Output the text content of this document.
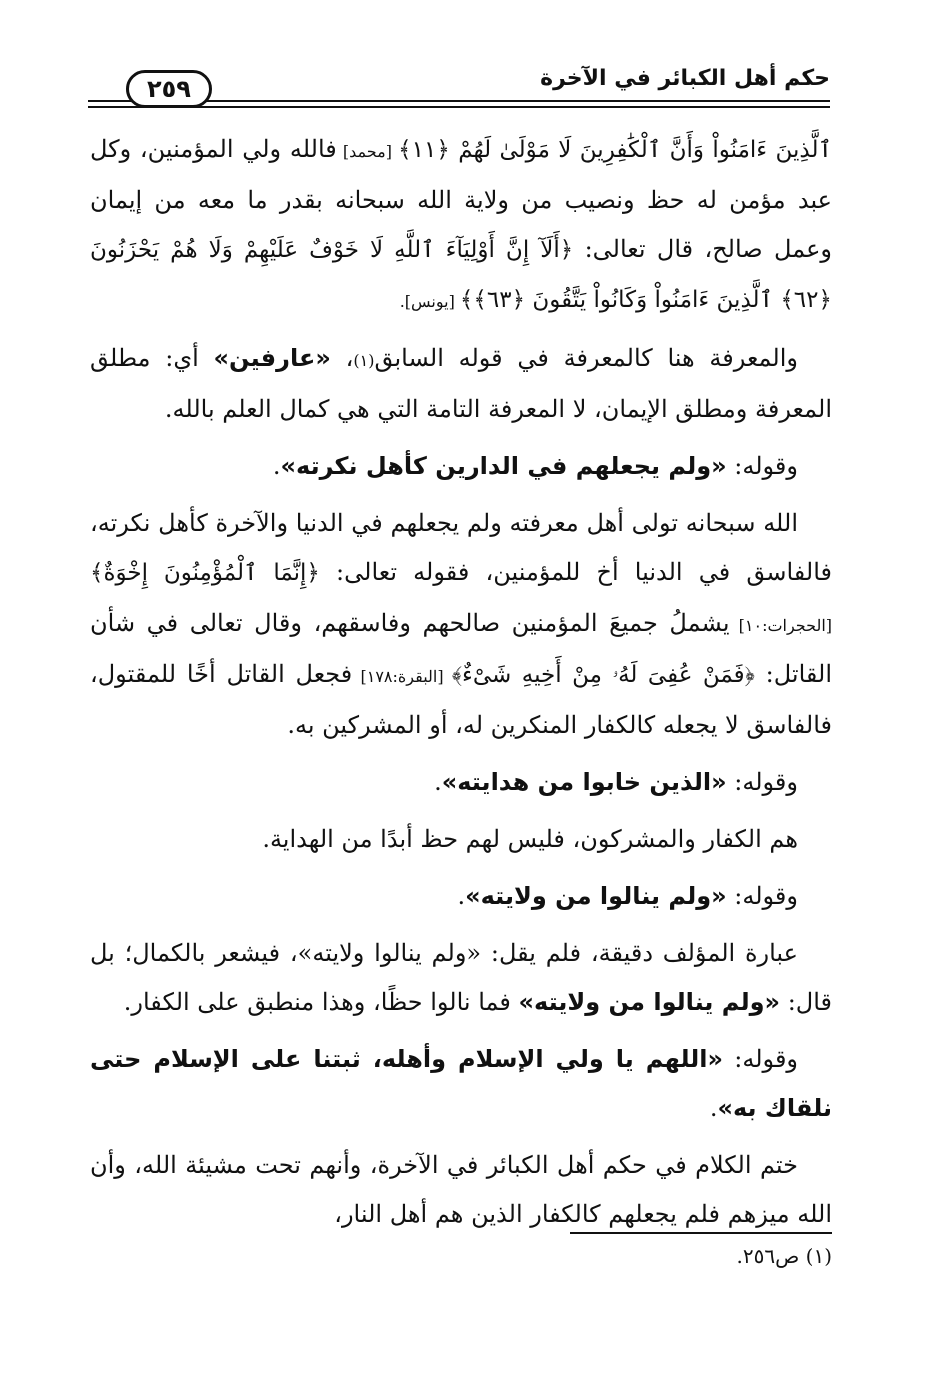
حكم أهل الكبائر في الآخرة
٢٥٩

ٱلَّذِينَ ءَامَنُواْ وَأَنَّ ٱلْكَٰفِرِينَ لَا مَوْلَىٰ لَهُمْ ﴿١١﴾ [محمد] فالله ولي المؤمنين، وكل عبد مؤمن له حظ ونصيب من ولاية الله سبحانه بقدر ما معه من إيمان وعمل صالح، قال تعالى: ﴿أَلَآ إِنَّ أَوْلِيَآءَ ٱللَّهِ لَا خَوْفٌ عَلَيْهِمْ وَلَا هُمْ يَحْزَنُونَ ﴿٦٢﴾ ٱلَّذِينَ ءَامَنُواْ وَكَانُواْ يَتَّقُونَ ﴿٦٣﴾﴾ [يونس].

والمعرفة هنا كالمعرفة في قوله السابق(١)، «عارفين» أي: مطلق المعرفة ومطلق الإيمان، لا المعرفة التامة التي هي كمال العلم بالله.

وقوله: «ولم يجعلهم في الدارين كأهل نكرته».

الله سبحانه تولى أهل معرفته ولم يجعلهم في الدنيا والآخرة كأهل نكرته، فالفاسق في الدنيا أخ للمؤمنين، فقوله تعالى: ﴿إِنَّمَا ٱلْمُؤْمِنُونَ إِخْوَةٌ﴾ [الحجرات:١٠] يشملُ جميعَ المؤمنين صالحهم وفاسقهم، وقال تعالى في شأن القاتل: ﴿فَمَنْ عُفِىَ لَهُۥ مِنْ أَخِيهِ شَىْءٌ﴾ [البقرة:١٧٨] فجعل القاتل أخًا للمقتول، فالفاسق لا يجعله كالكفار المنكرين له، أو المشركين به.

وقوله: «الذين خابوا من هدايته».

هم الكفار والمشركون، فليس لهم حظ أبدًا من الهداية.

وقوله: «ولم ينالوا من ولايته».

عبارة المؤلف دقيقة، فلم يقل: «ولم ينالوا ولايته»، فيشعر بالكمال؛ بل قال: «ولم ينالوا من ولايته» فما نالوا حظًا، وهذا منطبق على الكفار.

وقوله: «اللهم يا ولي الإسلام وأهله، ثبتنا على الإسلام حتى نلقاك به».

ختم الكلام في حكم أهل الكبائر في الآخرة، وأنهم تحت مشيئة الله، وأن الله ميزهم فلم يجعلهم كالكفار الذين هم أهل النار،

(١) ص٢٥٦.
